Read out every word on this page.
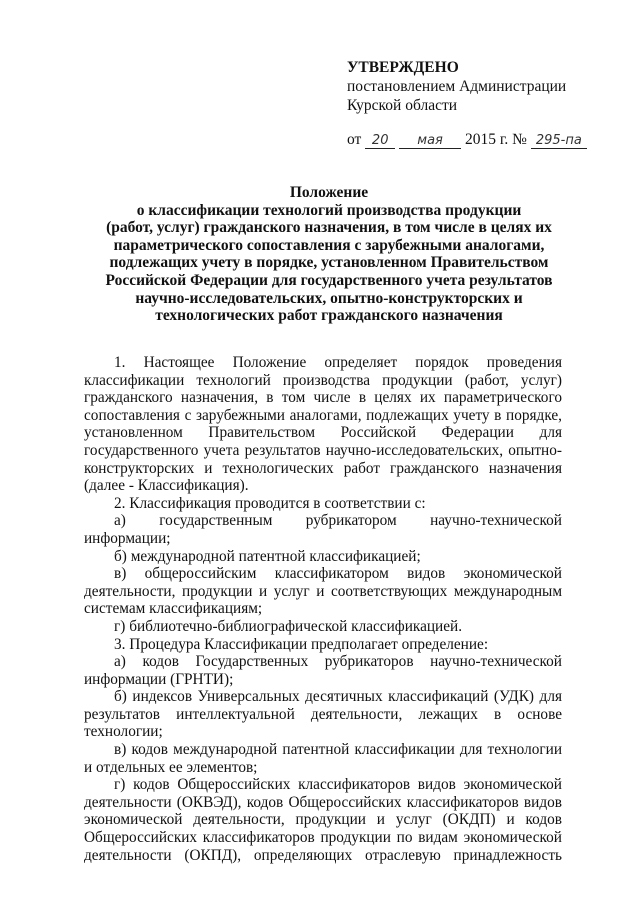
УТВЕРЖДЕНО
постановлением Администрации
Курской области
от 20 мая 2015 г. № 295-па
Положение
о классификации технологий производства продукции
(работ, услуг) гражданского назначения, в том числе в целях их
параметрического сопоставления с зарубежными аналогами,
подлежащих учету в порядке, установленном Правительством
Российской Федерации для государственного учета результатов
научно-исследовательских, опытно-конструкторских и
технологических работ гражданского назначения

1. Настоящее Положение определяет порядок проведения классификации технологий производства продукции (работ, услуг) гражданского назначения, в том числе в целях их параметрического сопоставления с зарубежными аналогами, подлежащих учету в порядке, установленном Правительством Российской Федерации для государственного учета результатов научно-исследовательских, опытно-конструкторских и технологических работ гражданского назначения (далее - Классификация).

2. Классификация проводится в соответствии с:

а) государственным рубрикатором научно-технической информации;

б) международной патентной классификацией;

в) общероссийским классификатором видов экономической деятельности, продукции и услуг и соответствующих международным системам классификациям;

г) библиотечно-библиографической классификацией.

3. Процедура Классификации предполагает определение:

а) кодов Государственных рубрикаторов научно-технической информации (ГРНТИ);

б) индексов Универсальных десятичных классификаций (УДК) для результатов интеллектуальной деятельности, лежащих в основе технологии;

в) кодов международной патентной классификации для технологии и отдельных ее элементов;

г) кодов Общероссийских классификаторов видов экономической деятельности (ОКВЭД), кодов Общероссийских классификаторов видов экономической деятельности, продукции и услуг (ОКДП) и кодов Общероссийских классификаторов продукции по видам экономической деятельности (ОКПД), определяющих отраслевую принадлежность
